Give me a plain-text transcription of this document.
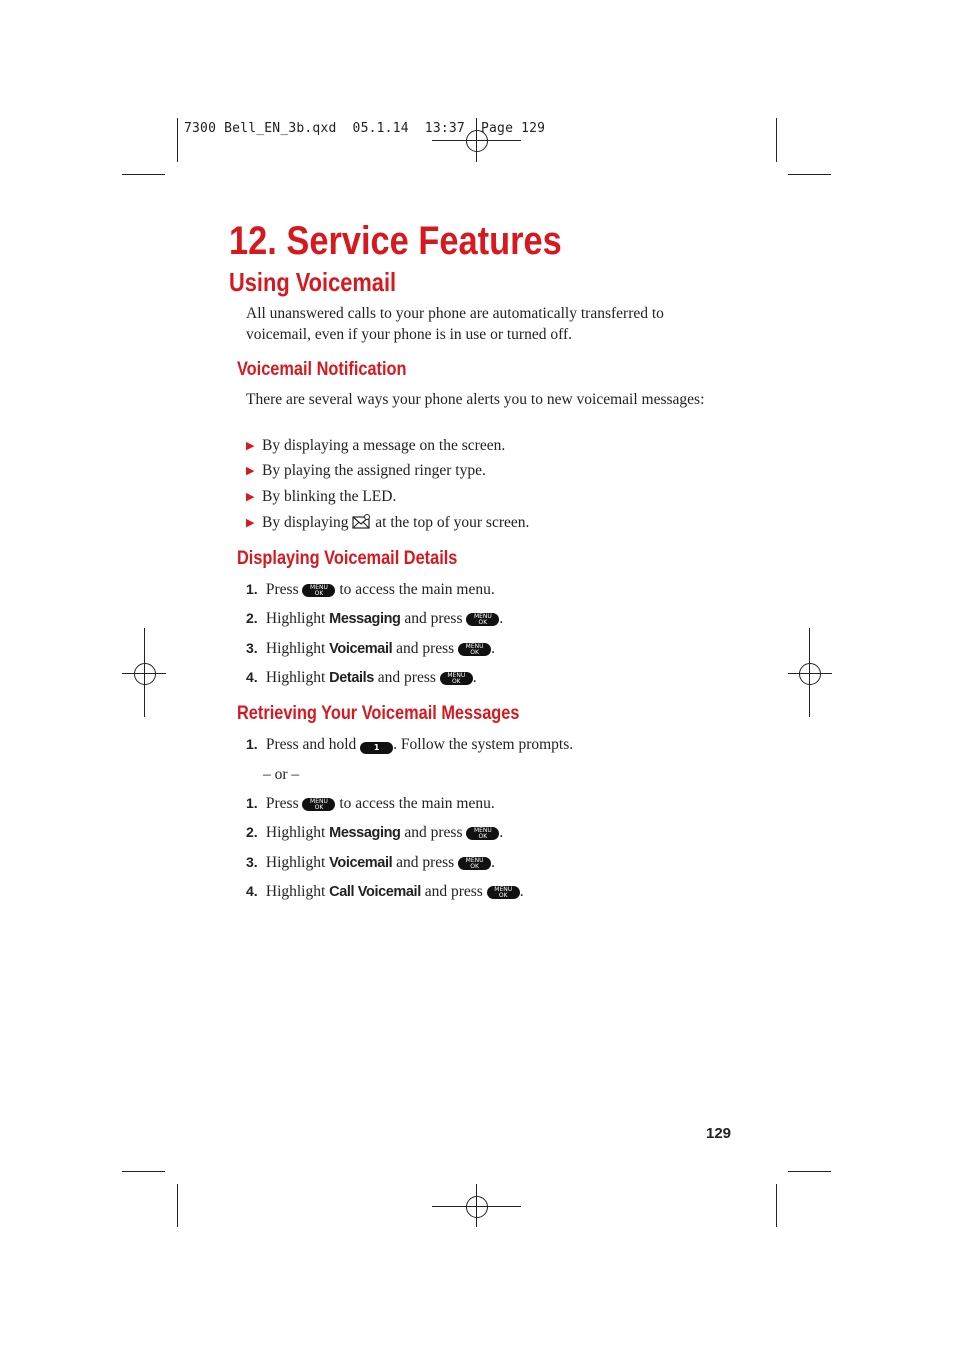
7300 Bell_EN_3b.qxd  05.1.14  13:37  Page 129
12. Service Features
Using Voicemail
All unanswered calls to your phone are automatically transferred to voicemail, even if your phone is in use or turned off.
Voicemail Notification
There are several ways your phone alerts you to new voicemail messages:
▶ By displaying a message on the screen.
▶ By playing the assigned ringer type.
▶ By blinking the LED.
▶ By displaying at the top of your screen.
Displaying Voicemail Details
1. Press MENU
OK to access the main menu.
2. Highlight Messaging and press MENU
OK .
3. Highlight Voicemail and press MENU
OK .
4. Highlight Details and press MENU
OK .
Retrieving Your Voicemail Messages
1. Press and hold 1 . Follow the system prompts.
– or –
1. Press MENU
OK to access the main menu.
2. Highlight Messaging and press MENU
OK .
3. Highlight Voicemail and press MENU
OK .
4. Highlight Call Voicemail and press MENU
OK .
129
